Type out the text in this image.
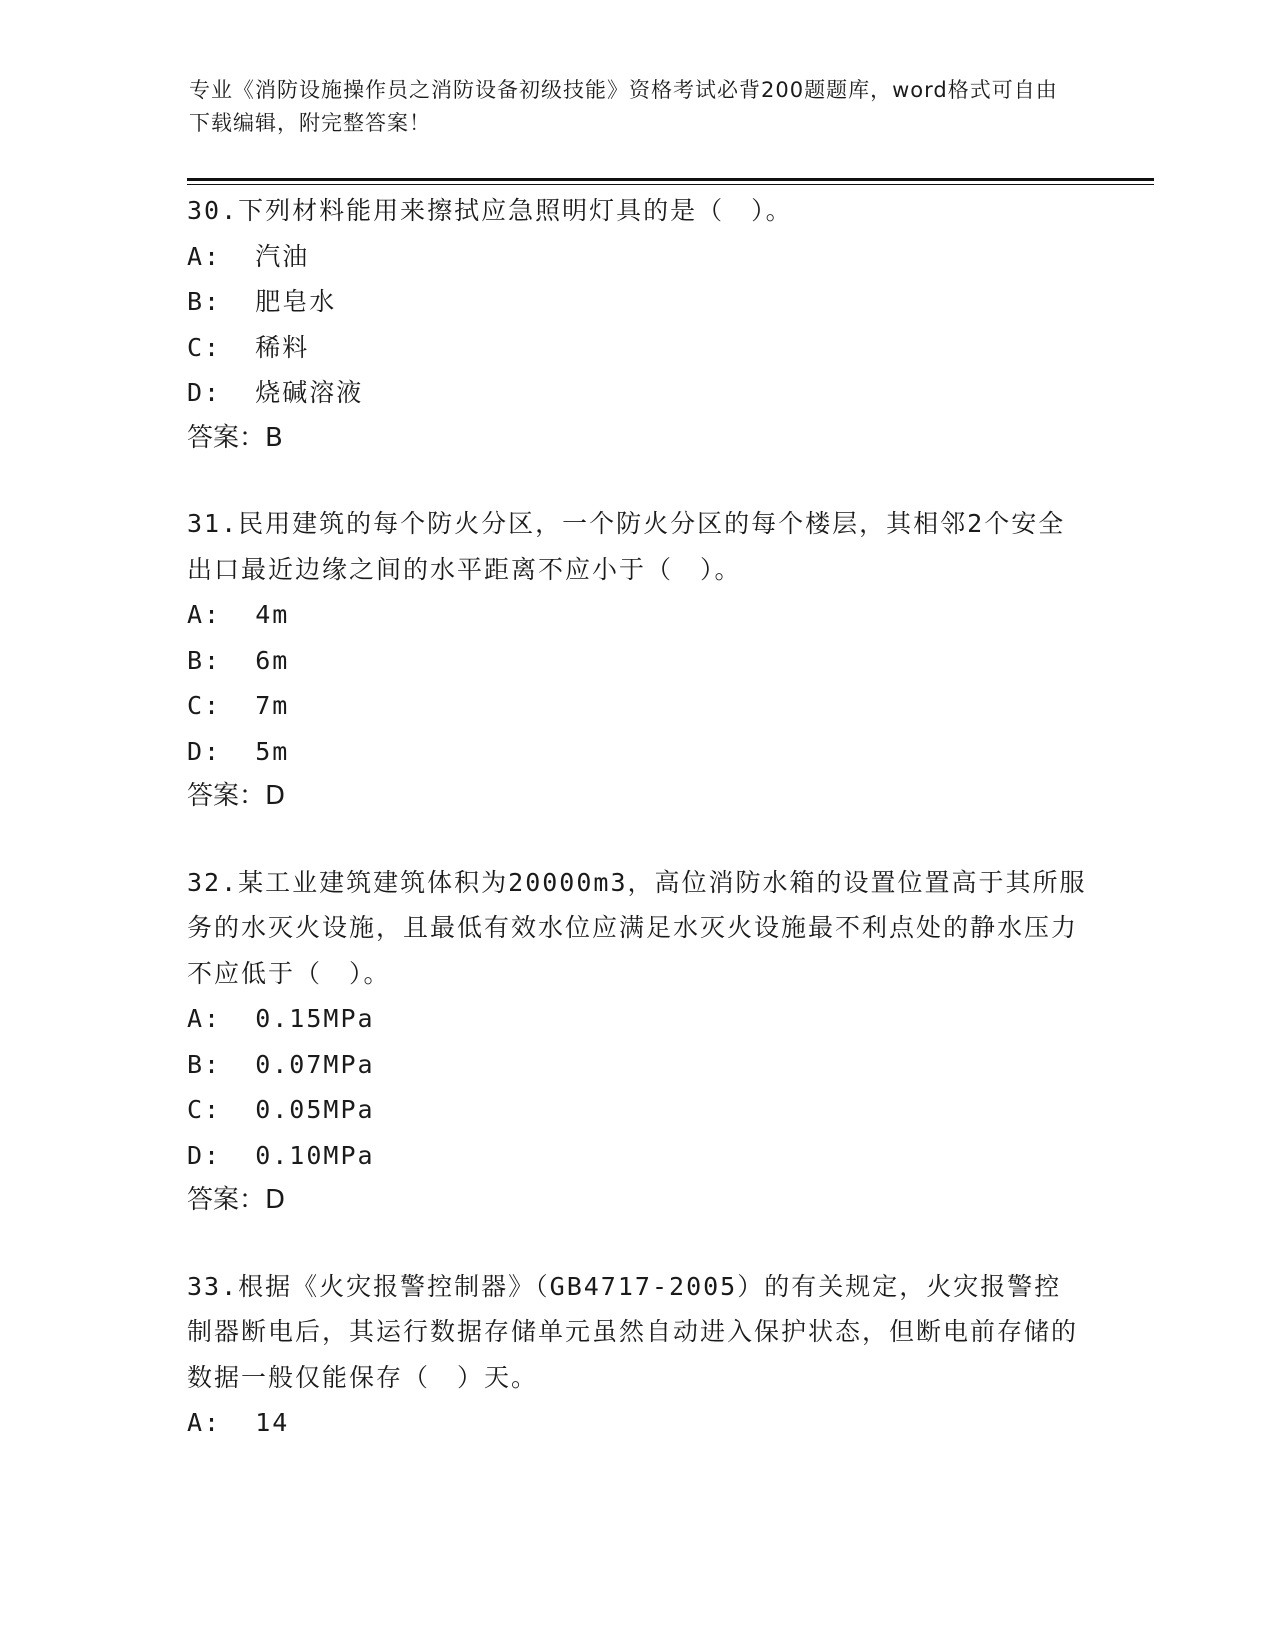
专业《消防设施操作员之消防设备初级技能》资格考试必背200题题库，word格式可自由下载编辑，附完整答案！
30.下列材料能用来擦拭应急照明灯具的是（　）。
A:  汽油
B:  肥皂水
C:  稀料
D:  烧碱溶液
答案：B
31.民用建筑的每个防火分区，一个防火分区的每个楼层，其相邻2个安全出口最近边缘之间的水平距离不应小于（　）。
A:  4m
B:  6m
C:  7m
D:  5m
答案：D
32.某工业建筑建筑体积为20000m3，高位消防水箱的设置位置高于其所服务的水灭火设施，且最低有效水位应满足水灭火设施最不利点处的静水压力不应低于（　）。
A:  0.15MPa
B:  0.07MPa
C:  0.05MPa
D:  0.10MPa
答案：D
33.根据《火灾报警控制器》（GB4717-2005）的有关规定，火灾报警控制器断电后，其运行数据存储单元虽然自动进入保护状态，但断电前存储的数据一般仅能保存（　）天。
A:  14
